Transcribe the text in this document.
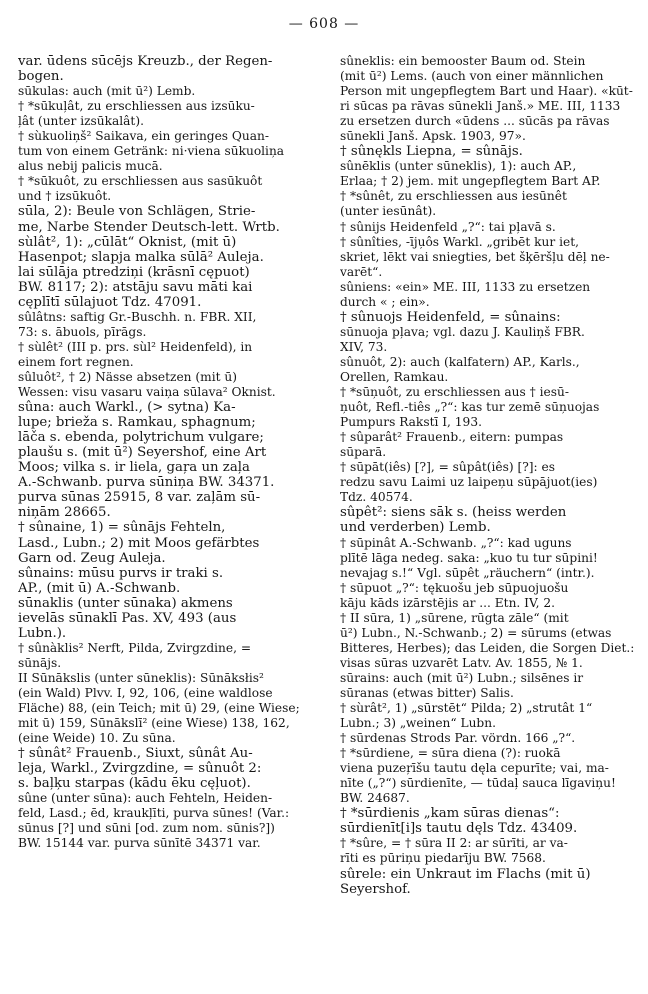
— 608 —
var. ūdens sūcējs Kreuzb., der Regen-
bogen.
sūkulas: auch (mit ū²) Lemb.
† *sūkuļât, zu erschliessen aus izsūku-
ļât (unter izsūkalât).
† sùkuoliņš² Saikava, ein geringes Quan-
tum von einem Getränk: ni·viena sūkuoliņa
alus nebij palicis mucā.
† *sūkuôt, zu erschliessen aus sasūkuôt
und † izsūkuôt.
sūla, 2): Beule von Schlägen, Strie-
me, Narbe Stender Deutsch-lett. Wrtb.
sùlât², 1): „cūlāt“ Oknist, (mit ū)
Hasenpot; slapja malka sūlā² Auleja.
lai sūlāja ptredziņi (krāsnī cępuot)
BW. 8117; 2): atstāju savu māti kai
cęplītī sūlajuot Tdz. 47091.
sûlâtns: saftig Gr.-Buschh. n. FBR. XII,
73: s. ābuols, pīrāgs.
† sùlêt² (III p. prs. sùl² Heidenfeld), in
einem fort regnen.
sûluôt², † 2) Nässe absetzen (mit ū)
Wessen: visu vasaru vaiņa sūlava² Oknist.
sûna: auch Warkl., (> sytna) Ka-
lupe; brieža s. Ramkau, sphagnum;
lāča s. ebenda, polytrichum vulgare;
plaušu s. (mit ū²) Seyershof, eine Art
Moos; vilka s. ir liela, gaŗa un zaļa
A.-Schwanb. purva sūniņa BW. 34371.
purva sūnas 25915, 8 var. zaļām sū-
niņām 28665.
† sûnaine, 1) = sûnājs Fehteln,
Lasd., Lubn.; 2) mit Moos gefärbtes
Garn od. Zeug Auleja.
sûnains: mūsu purvs ir traki s.
AP., (mit ū) A.-Schwanb.
sūnaklis (unter sūnaka) akmens
ievelās sūnaklī Pas. XV, 493 (aus
Lubn.).
† sûnàklis² Nerft, Pilda, Zvirgzdine, =
sūnājs.
II Sūnākslis (unter sūneklis): Sūnāksłis²
(ein Wald) Plvv. I, 92, 106, (eine waldlose
Fläche) 88, (ein Teich; mit ū) 29, (eine Wiese;
mit ū) 159, Sūnākslī² (eine Wiese) 138, 162,
(eine Weide) 10. Zu sūna.
† sûnât² Frauenb., Siuxt, sûnât Au-
leja, Warkl., Zvirgzdine, = sûnuôt 2:
s. baļķu starpas (kādu ēku cęļuot).
sûne (unter sūna): auch Fehteln, Heiden-
feld, Lasd.; ēd, kraukļīti, purva sūnes! (Var.:
sūnus [?] und sūni [od. zum nom. sūnis?])
BW. 15144 var. purva sūnītē 34371 var.
sûneklis: ein bemooster Baum od. Stein
(mit ū²) Lems. (auch von einer männlichen
Person mit ungepflegtem Bart und Haar). «kūt-
ri sūcas pa rāvas sūnekli Janš.» ME. III, 1133
zu ersetzen durch «ūdens ... sūcās pa rāvas
sūnekli Janš. Apsk. 1903, 97».
† sûnękls Liepna, = sûnājs.
sûnēklis (unter sūneklis), 1): auch AP.,
Erlaa; † 2) jem. mit ungepflegtem Bart AP.
† *sûnêt, zu erschliessen aus iesūnêt
(unter iesūnât).
† sûnijs Heidenfeld „?“: tai pļavā s.
† sûnîties, -īju̦ôs Warkl. „gribēt kur iet,
skriet, lēkt vai sniegties, bet šķēršļu dēļ ne-
varēt“.
sûniens: «ein» ME. III, 1133 zu ersetzen
durch « ; ein».
† sûnuojs Heidenfeld, = sûnains:
sūnuoja pļava; vgl. dazu J. Kauliņš FBR.
XIV, 73.
sûnuôt, 2): auch (kalfatern) AP., Karls.,
Orellen, Ramkau.
† *sūņuôt, zu erschliessen aus † iesū-
ņuôt, Refl.-tiês „?“: kas tur zemē sūņuojas
Pumpurs Rakstī I, 193.
† sûparât² Frauenb., eitern: pumpas
sūparā.
† sūpāt(iês) [?], = sûpât(iês) [?]: es
redzu savu Laimi uz laipeņu sūpājuot(ies)
Tdz. 40574.
sûpêt²: siens sāk s. (heiss werden
und verderben) Lemb.
† sūpinât A.-Schwanb. „?“: kad uguns
plītē lāga nedeg. saka: „kuo tu tur sūpini!
nevajag s.!“ Vgl. sūpêt „räuchern“ (intr.).
† sūpuot „?“: tękuošu jeb sūpuojuošu
kāju kāds izārstējis ar ... Etn. IV, 2.
† II sūra, 1) „sūrene, rūgta zāle“ (mit
ū²) Lubn., N.-Schwanb.; 2) = sūrums (etwas
Bitteres, Herbes); das Leiden, die Sorgen Diet.:
visas sūras uzvarēt Latv. Av. 1855, № 1.
sūrains: auch (mit ū²) Lubn.; silsēnes ir
sūranas (etwas bitter) Salis.
† sùrât², 1) „sūrstēt“ Pilda; 2) „strutât 1“
Lubn.; 3) „weinen“ Lubn.
† sūrdenas Strods Par. vördn. 166 „?“.
† *sūrdiene, = sūra diena (?): ruokā
viena puzeŗīšu tautu dęla cepurīte; vai, ma-
nīte („?“) sūrdienīte, — tūdaļ sauca līgaviņu!
BW. 24687.
† *sūrdienis „kam sūras dienas“:
sūrdienīt[i]s tautu dęls Tdz. 43409.
† *sûre, = † sūra II 2: ar sūrīti, ar va-
rīti es pūriņu piedarīju BW. 7568.
sûrele: ein Unkraut im Flachs (mit ū)
Seyershof.
